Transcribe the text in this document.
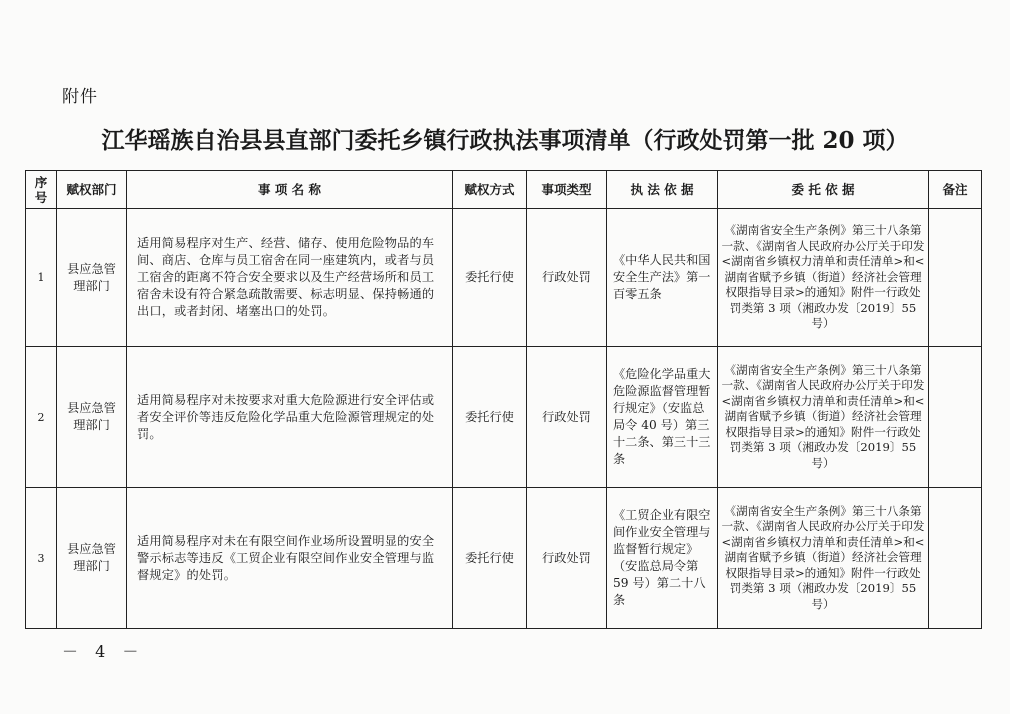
附件
江华瑶族自治县县直部门委托乡镇行政执法事项清单（行政处罚第一批 20 项）
序号	赋权部门	事 项 名 称	赋权方式	事项类型	执 法 依 据	委 托 依 据	备注
1	县应急管理部门	适用简易程序对生产、经营、储存、使用危险物品的车间、商店、仓库与员工宿舍在同一座建筑内，或者与员工宿舍的距离不符合安全要求以及生产经营场所和员工宿舍未设有符合紧急疏散需要、标志明显、保持畅通的出口，或者封闭、堵塞出口的处罚。	委托行使	行政处罚	《中华人民共和国安全生产法》第一百零五条	《湖南省安全生产条例》第三十八条第一款、《湖南省人民政府办公厅关于印发<湖南省乡镇权力清单和责任清单>和<湖南省赋予乡镇（街道）经济社会管理权限指导目录>的通知》附件一行政处罚类第 3 项（湘政办发〔2019〕55 号）	
2	县应急管理部门	适用简易程序对未按要求对重大危险源进行安全评估或者安全评价等违反危险化学品重大危险源管理规定的处罚。	委托行使	行政处罚	《危险化学品重大危险源监督管理暂行规定》（安监总局令 40 号）第三十二条、第三十三条	《湖南省安全生产条例》第三十八条第一款、《湖南省人民政府办公厅关于印发<湖南省乡镇权力清单和责任清单>和<湖南省赋予乡镇（街道）经济社会管理权限指导目录>的通知》附件一行政处罚类第 3 项（湘政办发〔2019〕55 号）	
3	县应急管理部门	适用简易程序对未在有限空间作业场所设置明显的安全警示标志等违反《工贸企业有限空间作业安全管理与监督规定》的处罚。	委托行使	行政处罚	《工贸企业有限空间作业安全管理与监督暂行规定》（安监总局令第 59 号）第二十八条	《湖南省安全生产条例》第三十八条第一款、《湖南省人民政府办公厅关于印发<湖南省乡镇权力清单和责任清单>和<湖南省赋予乡镇（街道）经济社会管理权限指导目录>的通知》附件一行政处罚类第 3 项（湘政办发〔2019〕55 号）	
－ 4 －
